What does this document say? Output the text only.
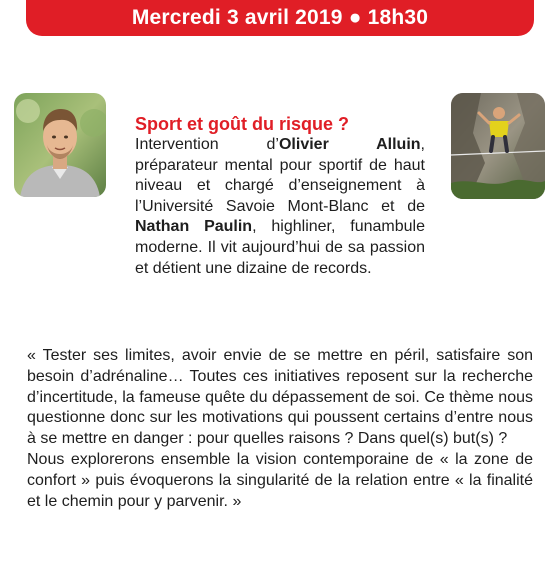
Mercredi 3 avril 2019 ● 18h30
Sport et goût du risque ?

Intervention d’Olivier Alluin, préparateur mental pour sportif de haut niveau et chargé d’enseignement à l’Université Savoie Mont-Blanc et de Nathan Paulin, highliner, funambule moderne. Il vit aujourd’hui de sa passion et détient une dizaine de records.

« Tester ses limites, avoir envie de se mettre en péril, satisfaire son besoin d’adrénaline… Toutes ces initiatives reposent sur la recherche d’incertitude, la fameuse quête du dépassement de soi. Ce thème nous questionne donc sur les motivations qui poussent certains d’entre nous à se mettre en danger : pour quelles raisons ? Dans quel(s) but(s) ?

Nous explorerons ensemble la vision contemporaine de « la zone de confort » puis évoquerons la singularité de la relation entre « la finalité et le chemin pour y parvenir. »
